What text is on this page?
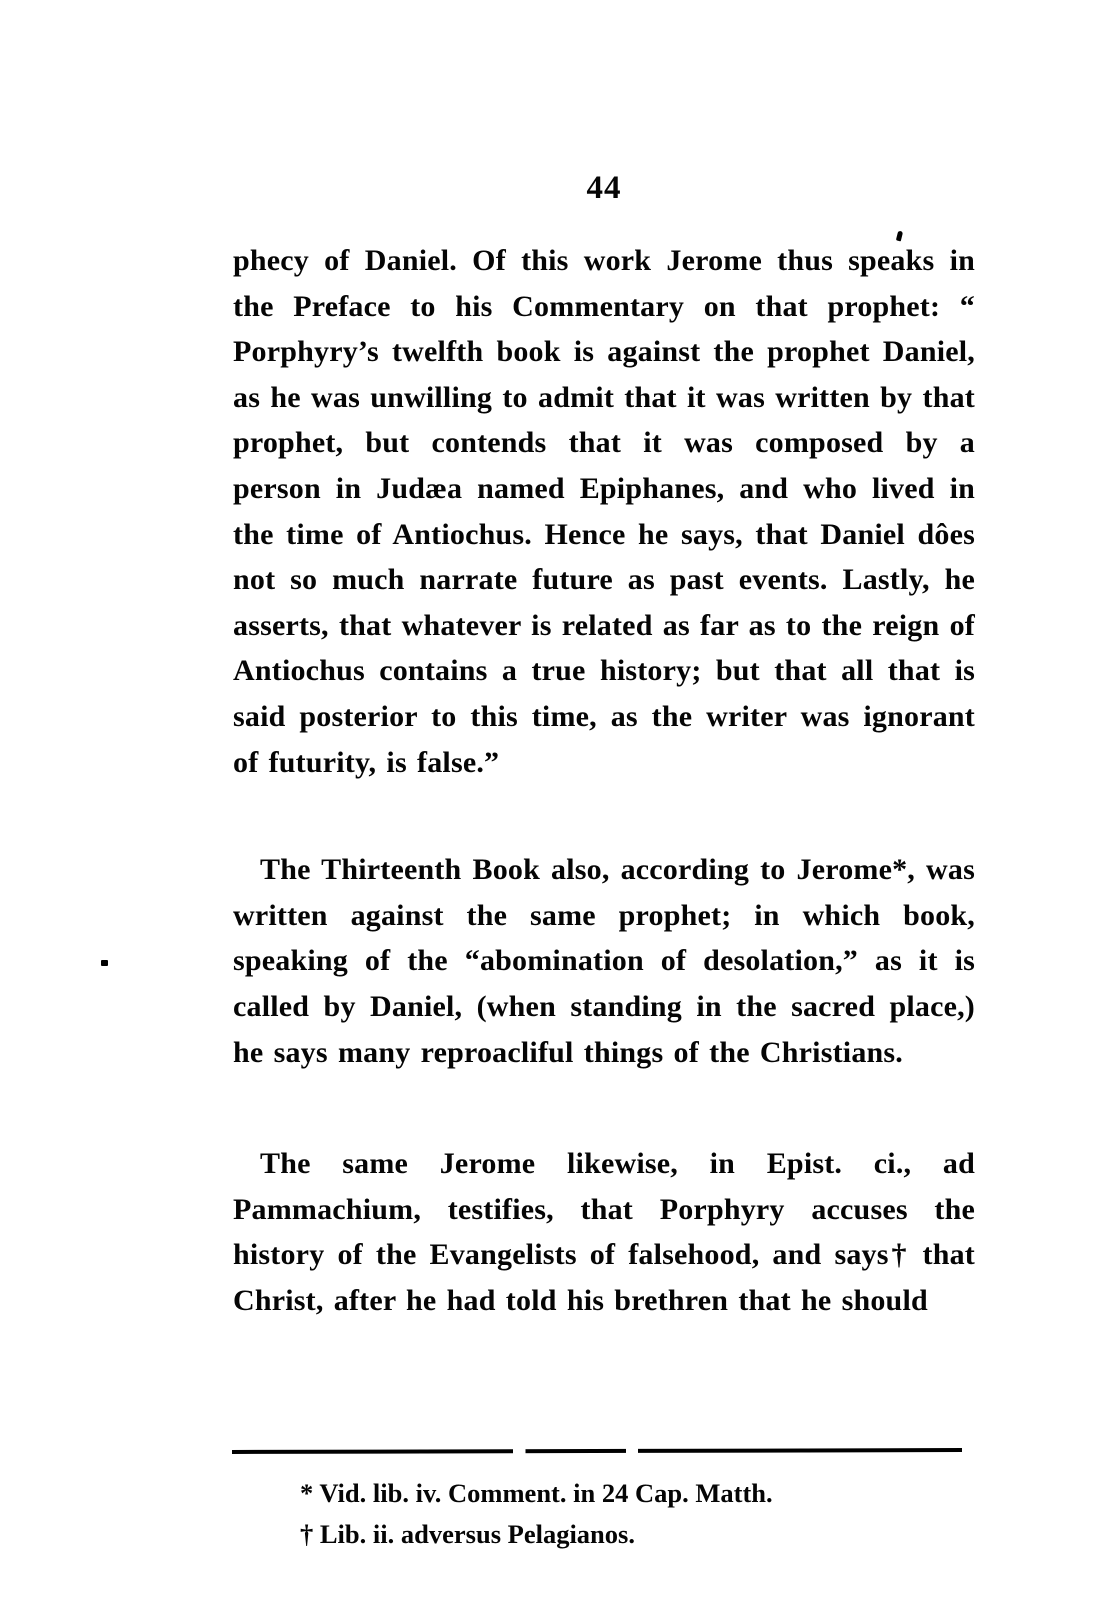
44

phecy of Daniel. Of this work Jerome thus speaks in the Preface to his Commentary on that prophet: “ Porphyry’s twelfth book is against the prophet Daniel, as he was unwilling to admit that it was written by that prophet, but contends that it was composed by a person in Judæa named Epiphanes, and who lived in the time of Antiochus. Hence he says, that Daniel dôes not so much narrate future as past events. Lastly, he asserts, that whatever is related as far as to the reign of Antiochus contains a true history; but that all that is said posterior to this time, as the writer was ignorant of futurity, is false.”

The Thirteenth Book also, according to Jerome*, was written against the same prophet; in which book, speaking of the “abomination of desolation,” as it is called by Daniel, (when standing in the sacred place,) he says many reproacliful things of the Christians.

The same Jerome likewise, in Epist. ci., ad Pammachium, testifies, that Porphyry accuses the history of the Evangelists of falsehood, and says† that Christ, after he had told his brethren that he should

* Vid. lib. iv. Comment. in 24 Cap. Matth.
† Lib. ii. adversus Pelagianos.
